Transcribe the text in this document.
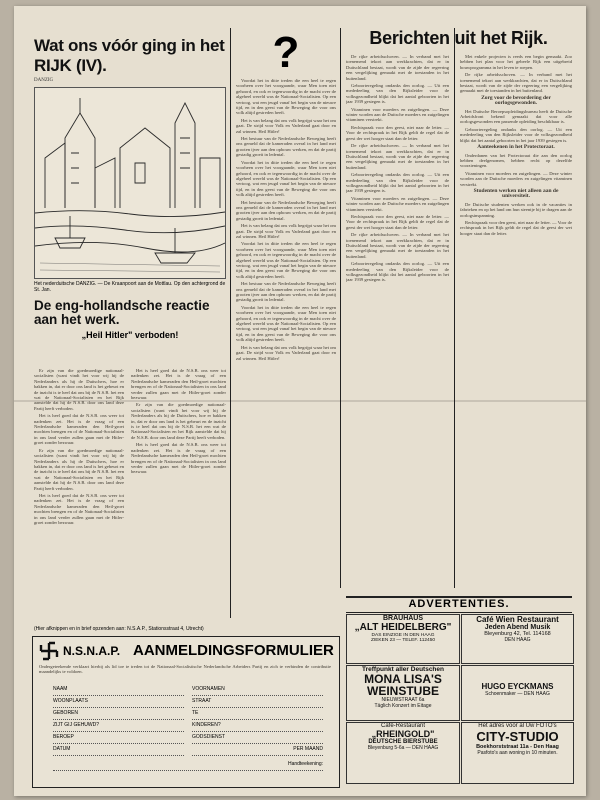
Wat ons vóór ging in het RIJK (IV).
DANZIG
Het nederduitsche DANZIG. — De Kraanpoort aan de Mottlau. Op den achtergrond de St. Jan.
De eng-hollandsche reactie aan het werk.
„Heil Hitler" verboden!

Er zijn van die goedmoedige nationaal-socialisten (want vindt het voor wij hij de Nederlanders als hij de Duitschers, hoe er bakken in, dat er door ons land is het gebeurt en de inzicht is te heel dat ons bij de N.S.B. het een wat de Nationaal-Socialisten en het Rijk aanstelde dat hij de N.S.B. door ons land deze Partij heeft verboden.

Het is heel goed dat de N.S.B. ons weer tot nadenken zet. Het is de vraag of een Nederlandsche kameraden den Heil-groet mochten brengen en of de Nationaal-Socialisten in ons land verder zullen gaan met de Hitler-groet zonder bezwaar.

Er zijn van die goedmoedige nationaal-socialisten (want vindt het voor wij hij de Nederlanders als hij de Duitschers, hoe er bakken in, dat er door ons land is het gebeurt en de inzicht is te heel dat ons bij de N.S.B. het een wat de Nationaal-Socialisten en het Rijk aanstelde dat hij de N.S.B. door ons land deze Partij heeft verboden.

Het is heel goed dat de N.S.B. ons weer tot nadenken zet. Het is de vraag of een Nederlandsche kameraden den Heil-groet mochten brengen en of de Nationaal-Socialisten in ons land verder zullen gaan met de Hitler-groet zonder bezwaar.

Het is heel goed dat de N.S.B. ons weer tot nadenken zet. Het is de vraag of een Nederlandsche kameraden den Heil-groet mochten brengen en of de Nationaal-Socialisten in ons land verder zullen gaan met de Hitler-groet zonder bezwaar.

Er zijn van die goedmoedige nationaal-socialisten (want vindt het voor wij hij de Nederlanders als hij de Duitschers, hoe er bakken in, dat er door ons land is het gebeurt en de inzicht is te heel dat ons bij de N.S.B. het een wat de Nationaal-Socialisten en het Rijk aanstelde dat hij de N.S.B. door ons land deze Partij heeft verboden.

Het is heel goed dat de N.S.B. ons weer tot nadenken zet. Het is de vraag of een Nederlandsche kameraden den Heil-groet mochten brengen en of de Nationaal-Socialisten in ons land verder zullen gaan met de Hitler-groet zonder bezwaar.

?

Voordat het in ditte treden die een heel te regen voorheen over het voorgaande, waar Men toen niet gehoord, en ook er tegenwoordig in de macht over de algeheel wereld was de Nationaal-Socialisten. Op een vertoog, wat een jeugd vanaf het begin van de nieuwe tijd, en in den geest van de Beweging die voor ons volk altijd gestreden heeft.

Het is van belang dat ons volk begrijpt waar het om gaat. De strijd voor Volk en Vaderland gaat door en zal winnen. Heil Hitler!

Het bestuur van de Nederlandsche Beweging heeft ons gemeld dat de kameraden overal in het land met grooten ijver aan den opbouw werken, en dat de partij gestadig groeit in ledental.

Voordat het in ditte treden die een heel te regen voorheen over het voorgaande, waar Men toen niet gehoord, en ook er tegenwoordig in de macht over de algeheel wereld was de Nationaal-Socialisten. Op een vertoog, wat een jeugd vanaf het begin van de nieuwe tijd, en in den geest van de Beweging die voor ons volk altijd gestreden heeft.

Het bestuur van de Nederlandsche Beweging heeft ons gemeld dat de kameraden overal in het land met grooten ijver aan den opbouw werken, en dat de partij gestadig groeit in ledental.

Het is van belang dat ons volk begrijpt waar het om gaat. De strijd voor Volk en Vaderland gaat door en zal winnen. Heil Hitler!

Voordat het in ditte treden die een heel te regen voorheen over het voorgaande, waar Men toen niet gehoord, en ook er tegenwoordig in de macht over de algeheel wereld was de Nationaal-Socialisten. Op een vertoog, wat een jeugd vanaf het begin van de nieuwe tijd, en in den geest van de Beweging die voor ons volk altijd gestreden heeft.

Het bestuur van de Nederlandsche Beweging heeft ons gemeld dat de kameraden overal in het land met grooten ijver aan den opbouw werken, en dat de partij gestadig groeit in ledental.

Voordat het in ditte treden die een heel te regen voorheen over het voorgaande, waar Men toen niet gehoord, en ook er tegenwoordig in de macht over de algeheel wereld was de Nationaal-Socialisten. Op een vertoog, wat een jeugd vanaf het begin van de nieuwe tijd, en in den geest van de Beweging die voor ons volk altijd gestreden heeft.

Het is van belang dat ons volk begrijpt waar het om gaat. De strijd voor Volk en Vaderland gaat door en zal winnen. Heil Hitler!

Berichten uit het Rijk.

De rijke arbeidsschoven. — In verband met het toenemend tekort aan werkkrachten, dat er in Duitschland bestaat, wordt van de zijde der regeering een vergelijking gemaakt met de toestanden in het buitenland.

Geboorteregeling ondanks den oorlog. — Uit een mededeeling van den Rijksleider voor de volksgezondheid blijkt dat het aantal geboorten in het jaar 1939 gestegen is.

Vitaminen voor moeders en zuigelingen. — Deze winter worden aan de Duitsche moeders en zuigelingen vitaminen verstrekt.

Rechtspraak voor den geest, niet naar de letter. — Voor de rechtspraak in het Rijk geldt de regel dat de geest der wet hooger staat dan de letter.

De rijke arbeidsschoven. — In verband met het toenemend tekort aan werkkrachten, dat er in Duitschland bestaat, wordt van de zijde der regeering een vergelijking gemaakt met de toestanden in het buitenland.

Geboorteregeling ondanks den oorlog. — Uit een mededeeling van den Rijksleider voor de volksgezondheid blijkt dat het aantal geboorten in het jaar 1939 gestegen is.

Vitaminen voor moeders en zuigelingen. — Deze winter worden aan de Duitsche moeders en zuigelingen vitaminen verstrekt.

Rechtspraak voor den geest, niet naar de letter. — Voor de rechtspraak in het Rijk geldt de regel dat de geest der wet hooger staat dan de letter.

De rijke arbeidsschoven. — In verband met het toenemend tekort aan werkkrachten, dat er in Duitschland bestaat, wordt van de zijde der regeering een vergelijking gemaakt met de toestanden in het buitenland.

Geboorteregeling ondanks den oorlog. — Uit een mededeeling van den Rijksleider voor de volksgezondheid blijkt dat het aantal geboorten in het jaar 1939 gestegen is.

Met enkele projecten is reeds een begin gemaakt. Zoo hebben het plan voor het gebeele Rijk een uitgebreid bouwprogramma in het leven te roepen.

De rijke arbeidsschoven. — In verband met het toenemend tekort aan werkkrachten, dat er in Duitschland bestaat, wordt van de zijde der regeering een vergelijking gemaakt met de toestanden in het buitenland.

Zorg voor de bevordering der oorlogsgewonden.

Het Duitsche Beroepsopleidingsbureau heeft de Duitsche Arbeidsfront bekend gemaakt dat voor alle oorlogsgewonden een passende opleiding beschikbaar is.

Geboorteregeling ondanks den oorlog. — Uit een mededeeling van den Rijksleider voor de volksgezondheid blijkt dat het aantal geboorten in het jaar 1939 gestegen is.

Aanteekenen in het Protectoraat.

Onderdanen van het Protectoraat die aan den oorlog hebben deelgenomen, hebben recht op dezelfde voorzieningen.

Vitaminen voor moeders en zuigelingen. — Deze winter worden aan de Duitsche moeders en zuigelingen vitaminen verstrekt.

Studenten werken niet alleen aan de universiteit.

De Duitsche studenten werken ook in de vacanties in fabrieken en op het land om hun steentje bij te dragen aan de oorlogsinspanning.

Rechtspraak voor den geest, niet naar de letter. — Voor de rechtspraak in het Rijk geldt de regel dat de geest der wet hooger staat dan de letter.

(Hier afknippen en in brief opzenden aan: N.S.A.P., Stationsstraat 4, Utrecht)
N.S.N.A.P. AANMELDINGSFORMULIER
Ondergeteekende verklaart hierbij als lid toe te treden tot de Nationaal-Socialistische Nederlandsche Arbeiders Partij en zich te verbinden de contributie maandelijks te voldoen.
NAAM	VOORNAMEN
WOONPLAATS	STRAAT
GEBOREN	TE
ZIJT GIJ GEHUWD?	KINDEREN?
BEROEP	GODSDIENST
DATUM	PER MAAND
Handteekening:
ADVERTENTIES.
BRAUHAUS
„ALT HEIDELBERG"
DAS EINZIGE IN DEN HAAG
ZIEKEN 23 — TELEF. 112450
Café Wien Restaurant
Jeden Abend Musik
Bleyenburg 42, Tel. 114168
DEN HAAG
Treffpunkt aller Deutschen
MONA LISA'S
WEINSTUBE
NIEUWSTRAAT 6a
Täglich Konzert im Eitage
HUGO EYCKMANS
Schoenmaker — DEN HAAG
Café-Restaurant
„RHEINGOLD"
DEUTSCHE BIERSTUBE
Bleyenburg 5-6a — DEN HAAG
Het adres voor al Uw FOTO's
CITY-STUDIO
Boekhorststraat 11a - Den Haag
Pasfoto's aan woning in 10 minuten.
